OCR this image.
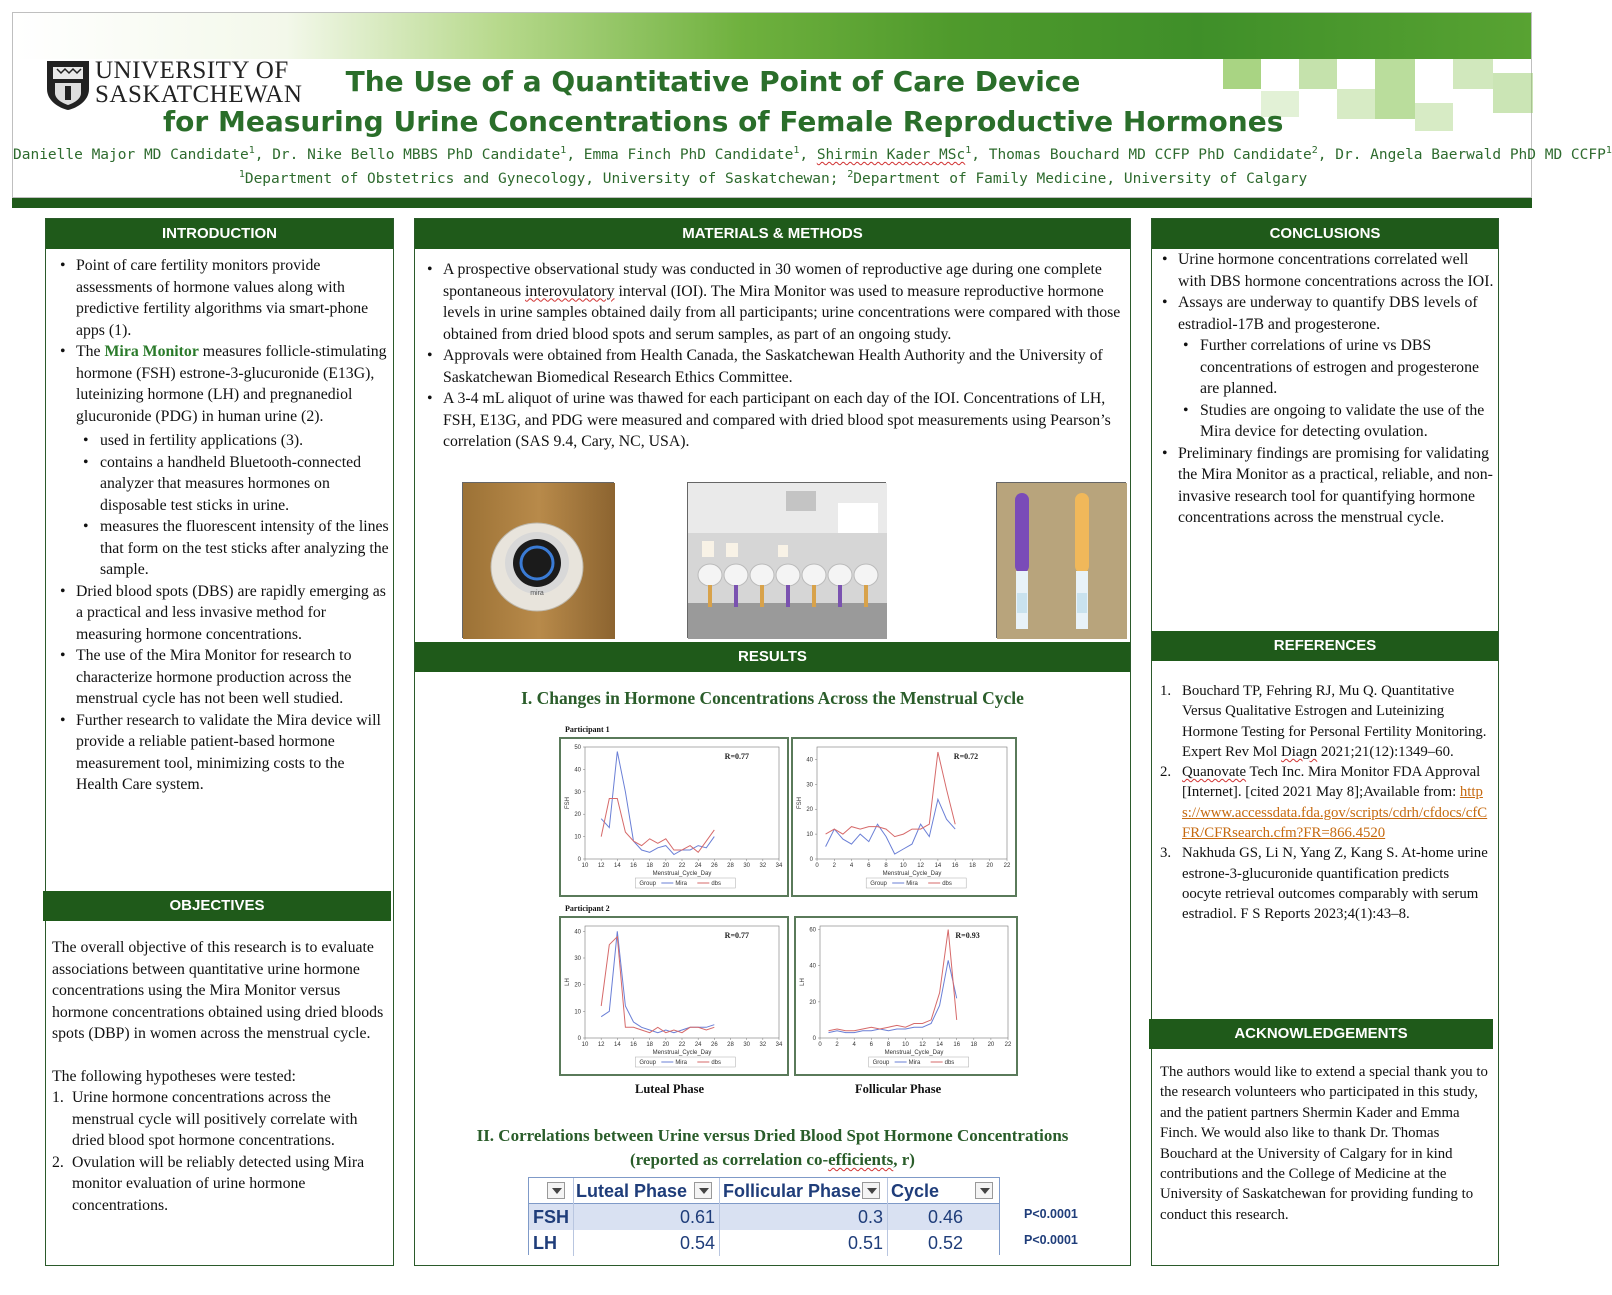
UNIVERSITY OF
SASKATCHEWAN	The Use of a Quantitative Point of Care Device
for Measuring Urine Concentrations of Female Reproductive Hormones
Danielle Major MD Candidate$^1$, Dr. Nike Bello MBBS PhD Candidate$^1$, Emma Finch PhD Candidate$^1$, Shirmin Kader MSc$^1$, Thomas Bouchard MD CCFP PhD Candidate$^2$, Dr. Angela Baerwald PhD MD CCFP$^1$
$^1$Department of Obstetrics and Gynecology, University of Saskatchewan; $^2$Department of Family Medicine, University of Calgary
INTRODUCTION
• Point of care fertility monitors provide assessments of hormone values along with predictive fertility algorithms via smart-phone apps (1).
• The Mira Monitor measures follicle-stimulating hormone (FSH) estrone-3-glucuronide (E13G), luteinizing hormone (LH) and pregnanediol glucuronide (PDG) in human urine (2).
• used in fertility applications (3).
• contains a handheld Bluetooth-connected analyzer that measures hormones on disposable test sticks in urine.
• measures the fluorescent intensity of the lines that form on the test sticks after analyzing the sample.
• Dried blood spots (DBS) are rapidly emerging as a practical and less invasive method for measuring hormone concentrations.
• The use of the Mira Monitor for research to characterize hormone production across the menstrual cycle has not been well studied.
• Further research to validate the Mira device will provide a reliable patient-based hormone measurement tool, minimizing costs to the Health Care system.
OBJECTIVES

The overall objective of this research is to evaluate associations between quantitative urine hormone concentrations using the Mira Monitor versus hormone concentrations obtained using dried bloods spots (DBP) in women across the menstrual cycle.

The following hypotheses were tested:

1. Urine hormone concentrations across the menstrual cycle will positively correlate with dried blood spot hormone concentrations.
2. Ovulation will be reliably detected using Mira monitor evaluation of urine hormone concentrations.
MATERIALS & METHODS
• A prospective observational study was conducted in 30 women of reproductive age during one complete spontaneous interovulatory interval (IOI). The Mira Monitor was used to measure reproductive hormone levels in urine samples obtained daily from all participants; urine concentrations were compared with those obtained from dried blood spots and serum samples, as part of an ongoing study.
• Approvals were obtained from Health Canada, the Saskatchewan Health Authority and the University of Saskatchewan Biomedical Research Ethics Committee.
• A 3-4 mL aliquot of urine was thawed for each participant on each day of the IOI. Concentrations of LH, FSH, E13G, and PDG were measured and compared with dried blood spot measurements using Pearson’s correlation (SAS 9.4, Cary, NC, USA).
mira
RESULTS
I. Changes in Hormone Concentrations Across the Menstrual Cycle
Participant 1
Participant 2
10 12 14 16 18 20 22 24 26 28 30 32 34
0
10
20
30
40
50
FSH
Menstrual_Cycle_Day
R=0.77
Group	Mira	dbs
0 2 4 6 8 10 12 14 16 18 20 22
0
10
20
30
40
FSH
Menstrual_Cycle_Day
R=0.72
Group	Mira	dbs
10 12 14 16 18 20 22 24 26 28 30 32 34
0
10
20
30
40
LH
Menstrual_Cycle_Day
R=0.77
Group	Mira	dbs
0 2 4 6 8 10 12 14 16 18 20 22
0
20
40
60
LH
Menstrual_Cycle_Day
R=0.93
Group	Mira	dbs
Luteal Phase	Follicular Phase
II. Correlations between Urine versus Dried Blood Spot Hormone Concentrations
(reported as correlation co-efficients, r)
Luteal Phase Follicular Phase Cycle
FSH	0.61	0.3	0.46
LH	0.54	0.51	0.52
P<0.0001
P<0.0001
CONCLUSIONS
• Urine hormone concentrations correlated well with DBS hormone concentrations across the IOI.
• Assays are underway to quantify DBS levels of estradiol-17B and progesterone.
• Further correlations of urine vs DBS concentrations of estrogen and progesterone are planned.
• Studies are ongoing to validate the use of the Mira device for detecting ovulation.
• Preliminary findings are promising for validating the Mira Monitor as a practical, reliable, and non-invasive research tool for quantifying hormone concentrations across the menstrual cycle.
REFERENCES
1. Bouchard TP, Fehring RJ, Mu Q. Quantitative Versus Qualitative Estrogen and Luteinizing Hormone Testing for Personal Fertility Monitoring. Expert Rev Mol Diagn 2021;21(12):1349–60.
2. Quanovate Tech Inc. Mira Monitor FDA Approval [Internet]. [cited 2021 May 8];Available from: https://www.accessdata.fda.gov/scripts/cdrh/cfdocs/cfCFR/CFRsearch.cfm?FR=866.4520
3. Nakhuda GS, Li N, Yang Z, Kang S. At-home urine estrone-3-glucuronide quantification predicts oocyte retrieval outcomes comparably with serum estradiol. F S Reports 2023;4(1):43–8.
ACKNOWLEDGEMENTS
The authors would like to extend a special thank you to the research volunteers who participated in this study, and the patient partners Shermin Kader and Emma Finch. We would also like to thank Dr. Thomas Bouchard at the University of Calgary for in kind contributions and the College of Medicine at the University of Saskatchewan for providing funding to conduct this research.
